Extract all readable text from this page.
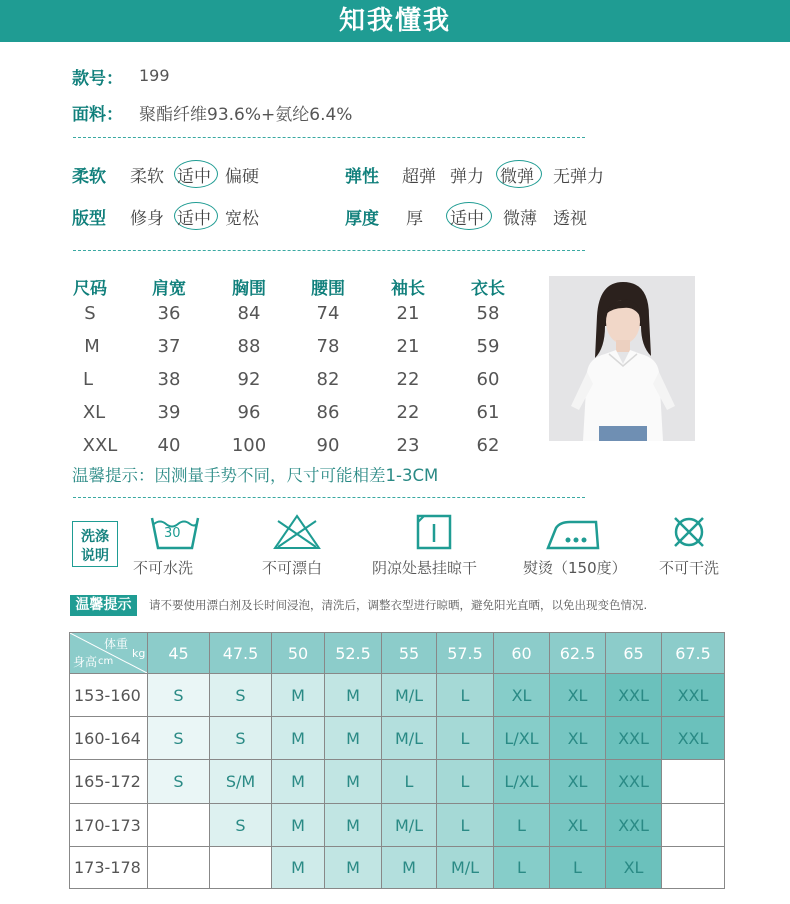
知我懂我
款号： 199
面料： 聚酯纤维93.6%+氨纶6.4%
柔软 柔软 适中 偏硬
版型 修身 适中 宽松
弹性 超弹 弹力 微弹 无弹力
厚度 厚 适中 微薄 透视
尺码	肩宽	胸围	腰围	袖长	衣长
S	36	84	74	21	58
M	37	88	78	21	59
L	38	92	82	22	60
XL	39	96	86	22	61
XXL	40	100	90	23	62
温馨提示：因测量手势不同，尺寸可能相差1-3CM
洗涤
说明
30
不可水洗	不可漂白	阴凉处悬挂晾干	熨烫（150度） 不可干洗
温馨提示	请不要使用漂白剂及长时间浸泡，清洗后，调整衣型进行晾晒，避免阳光直晒，以免出现变色情况.
体重
kg
身高 cm	45	47.5	50	52.5	55	57.5	60	62.5	65	67.5
153-160	S	S	M	M	M/L	L	XL	XL	XXL	XXL
160-164	S	S	M	M	M/L	L	L/XL	XL	XXL	XXL
165-172	S	S/M	M	M	L	L	L/XL	XL	XXL	
170-173		S	M	M	M/L	L	L	XL	XXL	
173-178			M	M	M	M/L	L	L	XL	
